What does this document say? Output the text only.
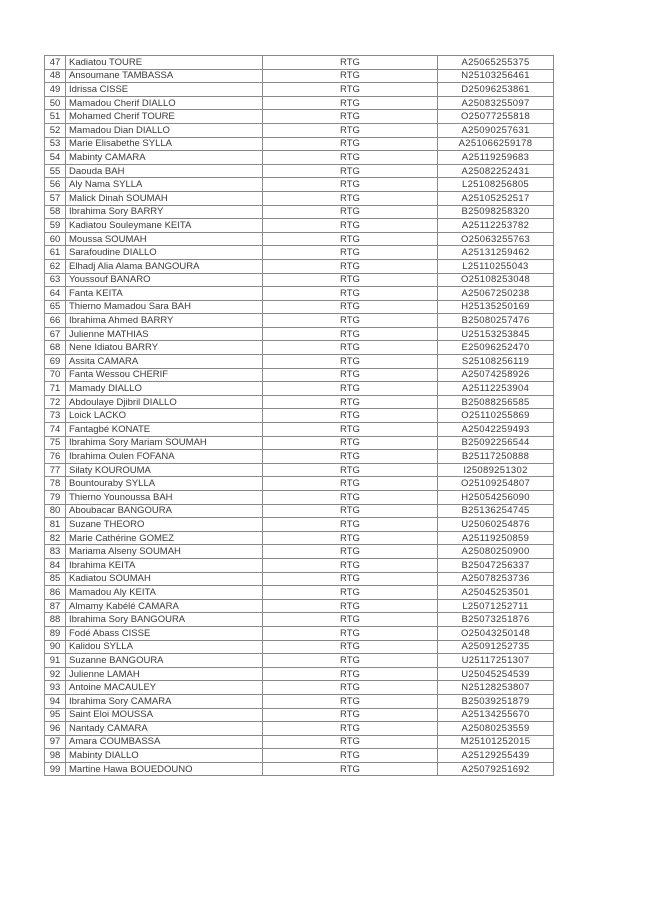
47	Kadiatou TOURE	RTG	A25065255375
48	Ansoumane TAMBASSA	RTG	N25103256461
49	Idrissa CISSE	RTG	D25096253861
50	Mamadou Cherif DIALLO	RTG	A25083255097
51	Mohamed Cherif TOURE	RTG	O25077255818
52	Mamadou Dian DIALLO	RTG	A25090257631
53	Marie Elisabethe SYLLA	RTG	A251066259178
54	Mabinty CAMARA	RTG	A25119259683
55	Daouda BAH	RTG	A25082252431
56	Aly Nama SYLLA	RTG	L25108256805
57	Malick Dinah SOUMAH	RTG	A25105252517
58	Ibrahima Sory BARRY	RTG	B25098258320
59	Kadiatou Souleymane KEITA	RTG	A25112253782
60	Moussa SOUMAH	RTG	O25063255763
61	Sarafoudine DIALLO	RTG	A25131259462
62	Elhadj Alia Alama BANGOURA	RTG	L25110255043
63	Youssouf BANARO	RTG	O25108253048
64	Fanta KEITA	RTG	A25067250238
65	Thierno Mamadou Sara BAH	RTG	H25135250169
66	Ibrahima Ahmed BARRY	RTG	B25080257476
67	Julienne MATHIAS	RTG	U25153253845
68	Nene Idiatou BARRY	RTG	E25096252470
69	Assita CAMARA	RTG	S25108256119
70	Fanta Wessou CHERIF	RTG	A25074258926
71	Mamady DIALLO	RTG	A25112253904
72	Abdoulaye Djibril DIALLO	RTG	B25088256585
73	Loick LACKO	RTG	O25110255869
74	Fantagbé KONATE	RTG	A25042259493
75	Ibrahima Sory Mariam SOUMAH	RTG	B25092256544
76	Ibrahima Oulen FOFANA	RTG	B25117250888
77	Silaty KOUROUMA	RTG	I25089251302
78	Bountouraby SYLLA	RTG	O25109254807
79	Thierno Younoussa BAH	RTG	H25054256090
80	Aboubacar BANGOURA	RTG	B25136254745
81	Suzane THEORO	RTG	U25060254876
82	Marie Cathérine GOMEZ	RTG	A25119250859
83	Mariama Alseny SOUMAH	RTG	A25080250900
84	Ibrahima KEITA	RTG	B25047256337
85	Kadiatou SOUMAH	RTG	A25078253736
86	Mamadou Aly KEITA	RTG	A25045253501
87	Almamy Kabélé CAMARA	RTG	L25071252711
88	Ibrahima Sory BANGOURA	RTG	B25073251876
89	Fodé Abass CISSE	RTG	O25043250148
90	Kalidou SYLLA	RTG	A25091252735
91	Suzanne BANGOURA	RTG	U25117251307
92	Julienne LAMAH	RTG	U25045254539
93	Antoine MACAULEY	RTG	N25128253807
94	Ibrahima Sory CAMARA	RTG	B25039251879
95	Saint Eloi MOUSSA	RTG	A25134255670
96	Nantady CAMARA	RTG	A25080253559
97	Amara COUMBASSA	RTG	M25101252015
98	Mabinty DIALLO	RTG	A25129255439
99	Martine Hawa BOUEDOUNO	RTG	A25079251692
